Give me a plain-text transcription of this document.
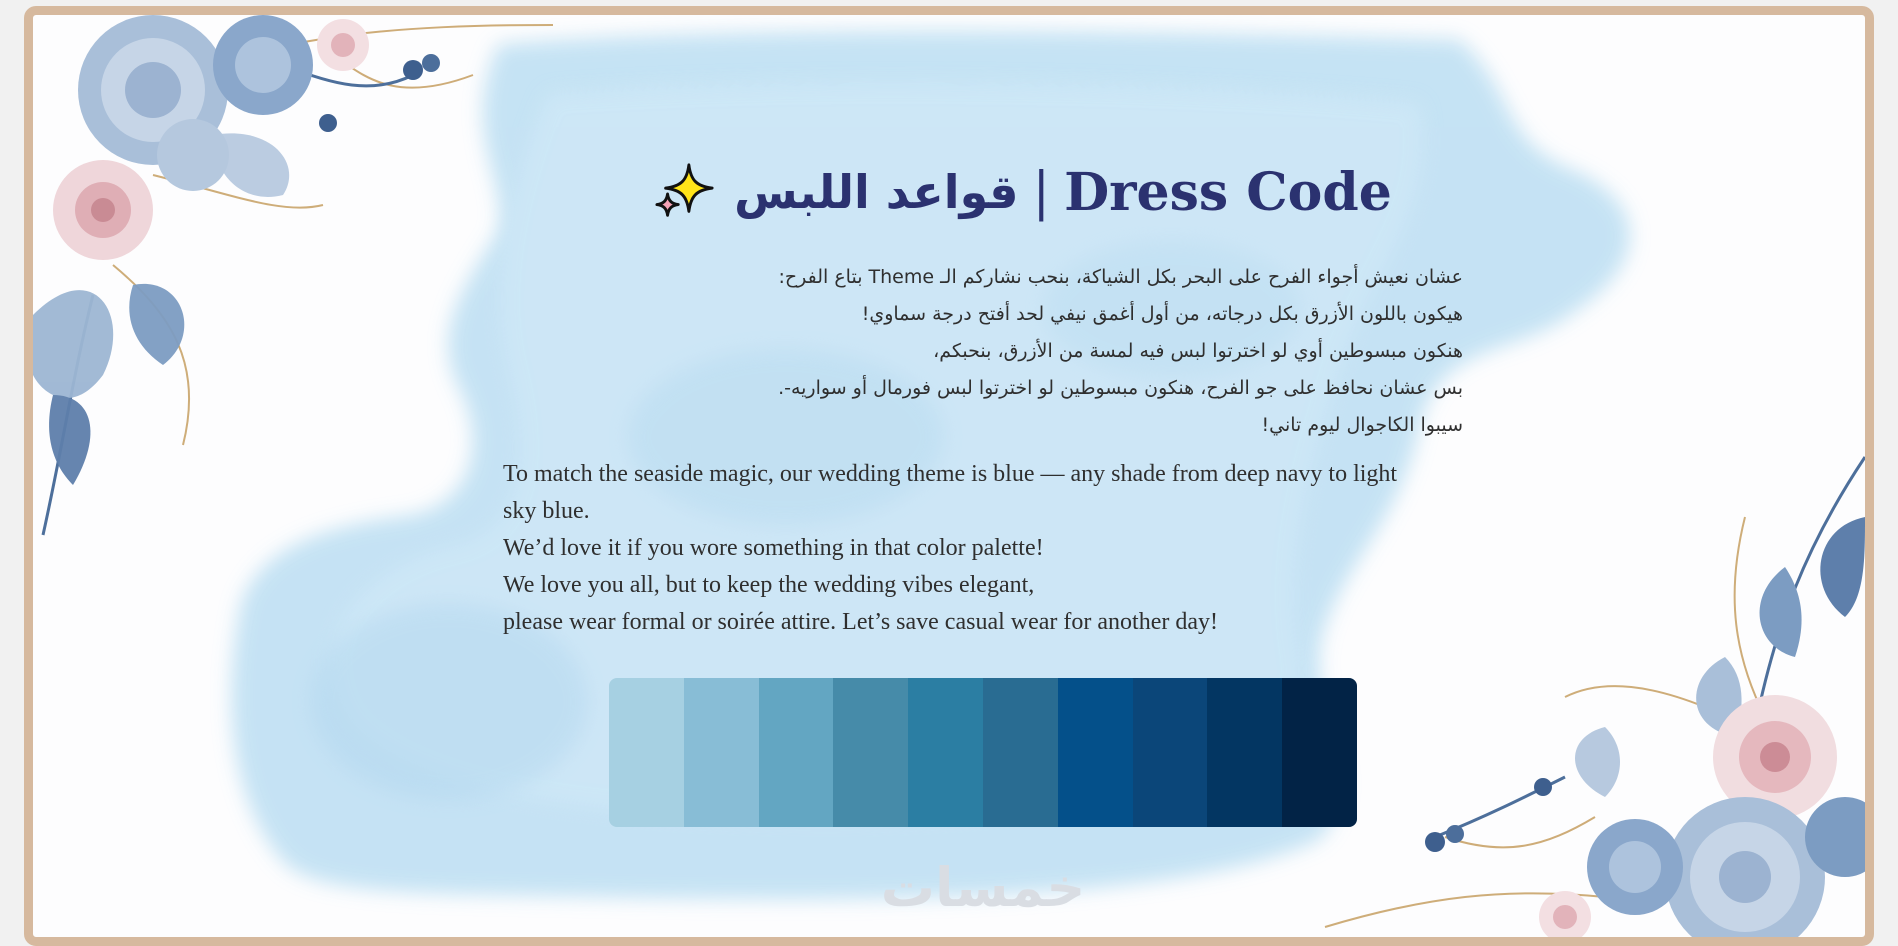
قواعد اللبس | Dress Code
عشان نعيش أجواء الفرح على البحر بكل الشياكة، بنحب نشاركم الـ Theme بتاع الفرح:
هيكون باللون الأزرق بكل درجاته، من أول أغمق نيفي لحد أفتح درجة سماوي!
هنكون مبسوطين أوي لو اخترتوا لبس فيه لمسة من الأزرق، بنحبكم،
بس عشان نحافظ على جو الفرح، هنكون مبسوطين لو اخترتوا لبس فورمال أو سواريه-.
سيبوا الكاجوال ليوم تاني!
To match the seaside magic, our wedding theme is blue — any shade from deep navy to light
sky blue.
We’d love it if you wore something in that color palette!
We love you all, but to keep the wedding vibes elegant,
please wear formal or soirée attire. Let’s save casual wear for another day!
خمسات
